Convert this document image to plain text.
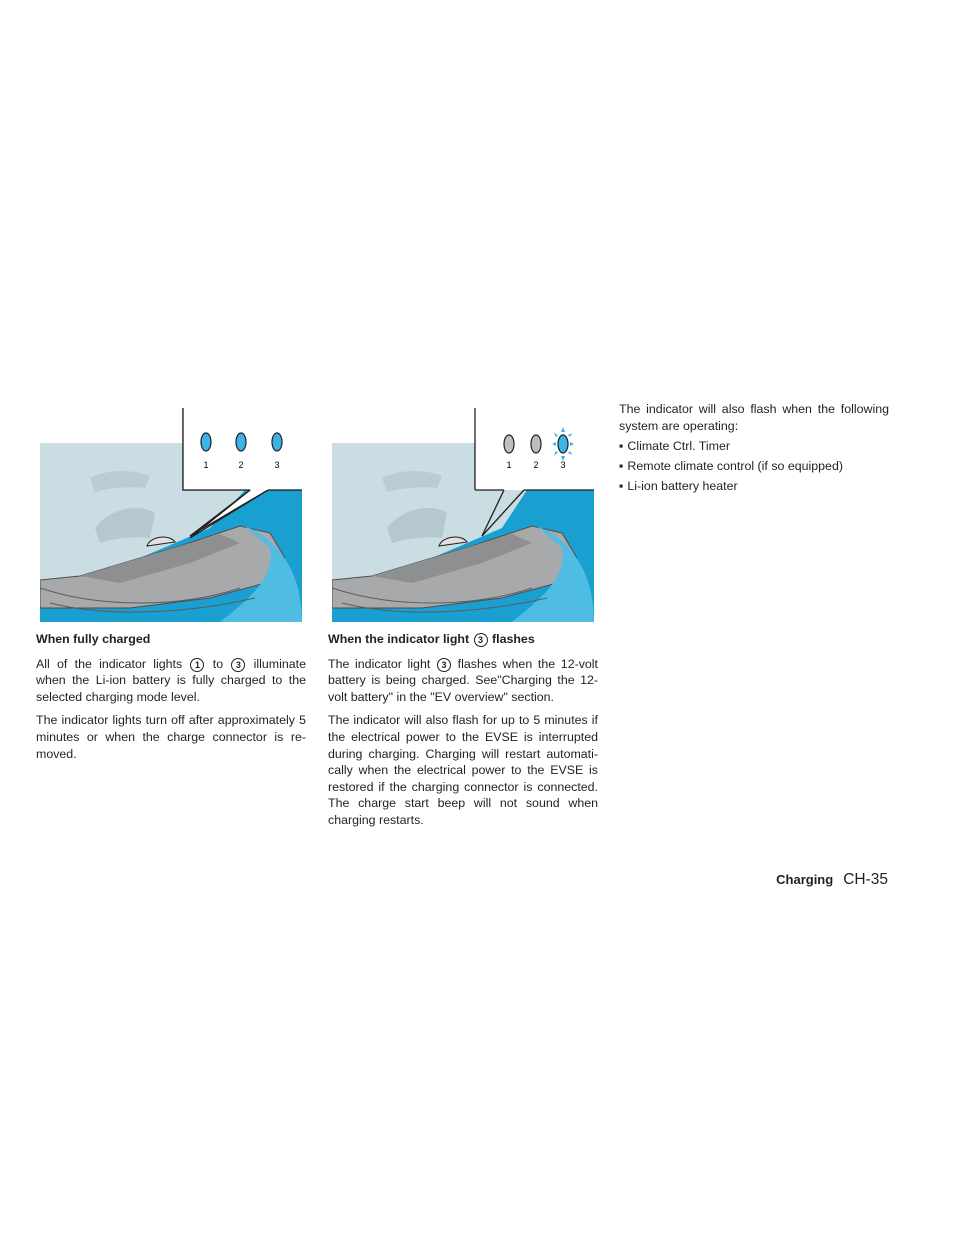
1	2	3	1 2 3
When fully charged

All of the indicator lights 1 to 3 illuminate when the Li-ion battery is fully charged to the selected charging mode level.

The indicator lights turn off after approximately 5 minutes or when the charge connector is re-moved.

When the indicator light 3 flashes

The indicator light 3 flashes when the 12-volt battery is being charged. See"Charging the 12-volt battery" in the "EV overview" section.

The indicator will also flash for up to 5 minutes if the electrical power to the EVSE is interrupted during charging. Charging will restart automati-cally when the electrical power to the EVSE is restored if the charging connector is connected. The charge start beep will not sound when charging restarts.

The indicator will also flash when the following system are operating:

▪ Climate Ctrl. Timer
▪ Remote climate control (if so equipped)
▪ Li-ion battery heater
Charging CH-35
